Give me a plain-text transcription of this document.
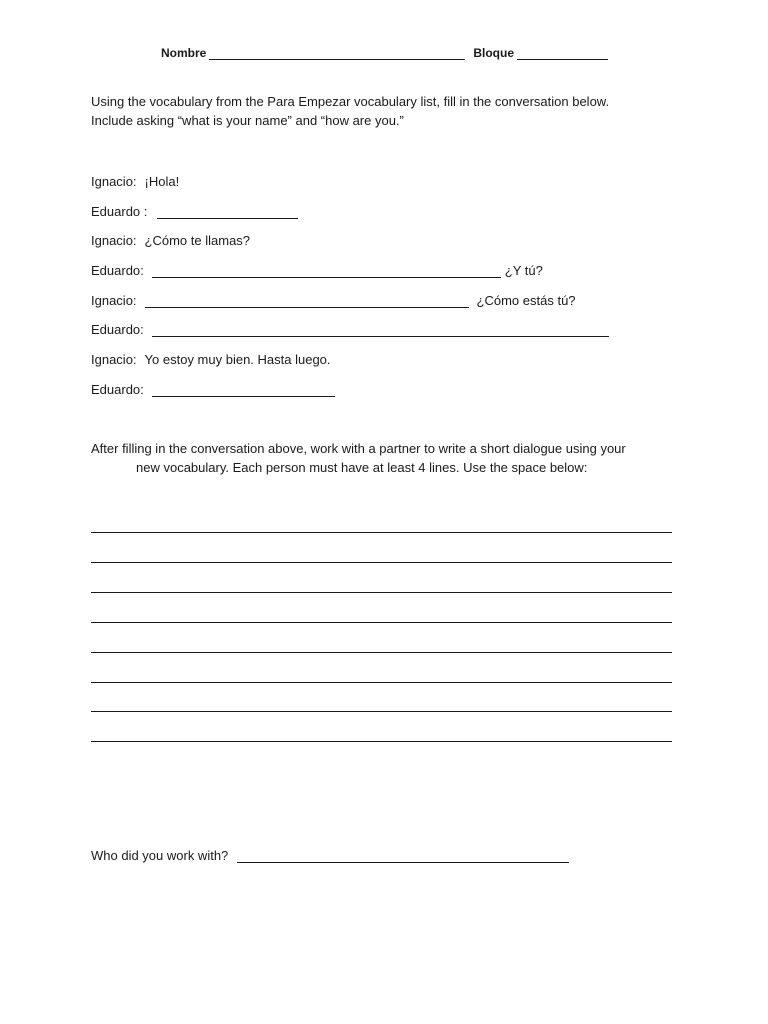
Nombre	Bloque
Using the vocabulary from the Para Empezar vocabulary list, fill in the conversation below.
Include asking “what is your name” and “how are you.”
Ignacio: ¡Hola!
Eduardo :
Ignacio: ¿Cómo te llamas?
Eduardo:	¿Y tú?
Ignacio:	¿Cómo estás tú?
Eduardo:
Ignacio: Yo estoy muy bien. Hasta luego.
Eduardo:
After filling in the conversation above, work with a partner to write a short dialogue using your
new vocabulary. Each person must have at least 4 lines. Use the space below:
Who did you work with?
